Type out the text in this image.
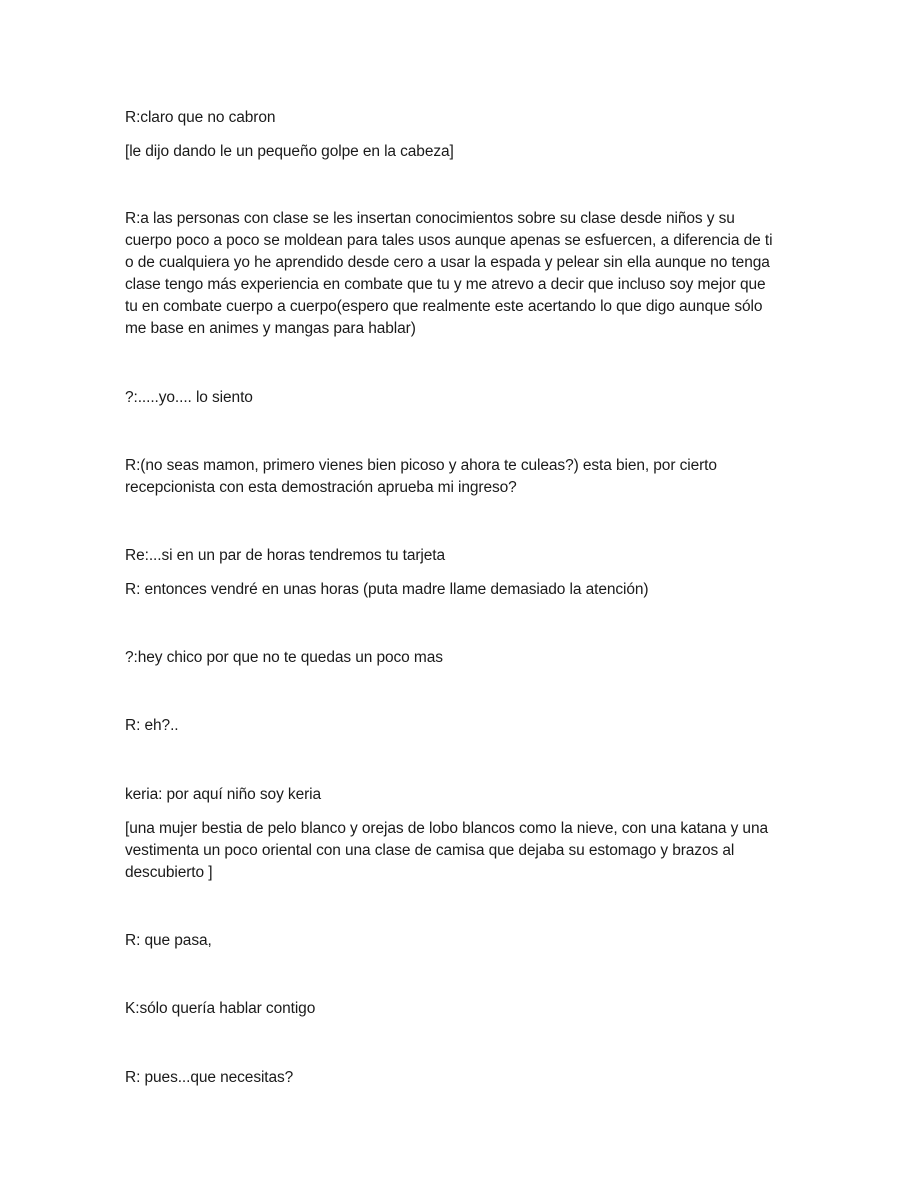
R:claro que no cabron

[le dijo dando le un pequeño golpe en la cabeza]

R:a las personas con clase se les insertan conocimientos sobre su clase desde niños y su cuerpo poco a poco se moldean para tales usos aunque apenas se esfuercen, a diferencia de ti o de cualquiera yo he aprendido desde cero a usar la espada y pelear sin ella aunque no tenga clase tengo más experiencia en combate que tu y me atrevo a decir que incluso soy mejor que tu en combate cuerpo a cuerpo(espero que realmente este acertando lo que digo aunque sólo me base en animes y mangas para hablar)

?:.....yo.... lo siento

R:(no seas mamon, primero vienes bien picoso y ahora te culeas?) esta bien, por cierto recepcionista con esta demostración aprueba mi ingreso?

Re:...si en un par de horas tendremos tu tarjeta

R: entonces vendré en unas horas (puta madre llame demasiado la atención)

?:hey chico por que no te quedas un poco mas

R: eh?..

keria: por aquí niño soy keria

[una mujer bestia de pelo blanco y orejas de lobo blancos como la nieve, con una katana y una vestimenta un poco oriental con una clase de camisa que dejaba su estomago y brazos al descubierto ]

R: que pasa,

K:sólo quería hablar contigo

R: pues...que necesitas?
